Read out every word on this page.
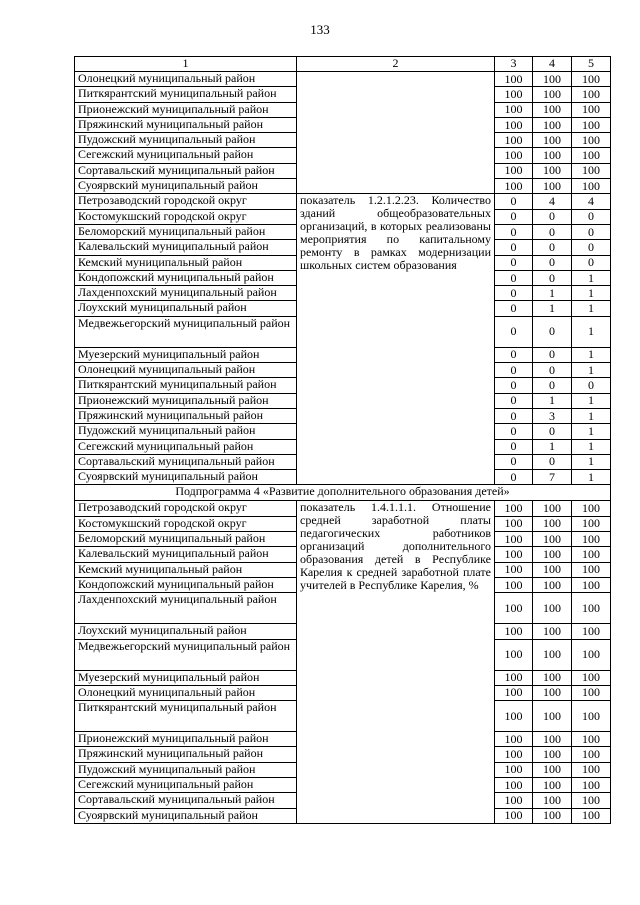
133
1	2	3	4	5
Олонецкий муниципальный район		100	100	100
Питкярантский муниципальный район		100	100	100
Прионежский муниципальный район		100	100	100
Пряжинский муниципальный район		100	100	100
Пудожский муниципальный район		100	100	100
Сегежский муниципальный район		100	100	100
Сортавальский муниципальный район		100	100	100
Суоярвский муниципальный район		100	100	100
Петрозаводский городской округ	показатель 1.2.1.2.23. Количество зданий общеобразовательных организаций, в которых реализованы мероприятия по капитальному ремонту в рамках модернизации школьных систем образования	0	4	4
Костомукшский городской округ		0	0	0
Беломорский муниципальный район		0	0	0
Калевальский муниципальный район		0	0	0
Кемский муниципальный район		0	0	0
Кондопожский муниципальный район		0	0	1
Лахденпохский муниципальный район		0	1	1
Лоухский муниципальный район		0	1	1
Медвежьегорский муниципальный район		0	0	1
Муезерский муниципальный район		0	0	1
Олонецкий муниципальный район		0	0	1
Питкярантский муниципальный район		0	0	0
Прионежский муниципальный район		0	1	1
Пряжинский муниципальный район		0	3	1
Пудожский муниципальный район		0	0	1
Сегежский муниципальный район		0	1	1
Сортавальский муниципальный район		0	0	1
Суоярвский муниципальный район		0	7	1
Подпрограмма 4 «Развитие дополнительного образования детей»				
Петрозаводский городской округ	показатель 1.4.1.1.1. Отношение средней заработной платы педагогических работников организаций дополнительного образования детей в Республике Карелия к средней заработной плате учителей в Республике Карелия, %	100	100	100
Костомукшский городской округ		100	100	100
Беломорский муниципальный район		100	100	100
Калевальский муниципальный район		100	100	100
Кемский муниципальный район		100	100	100
Кондопожский муниципальный район		100	100	100
Лахденпохский муниципальный район		100	100	100
Лоухский муниципальный район		100	100	100
Медвежьегорский муниципальный район		100	100	100
Муезерский муниципальный район		100	100	100
Олонецкий муниципальный район		100	100	100
Питкярантский муниципальный район		100	100	100
Прионежский муниципальный район		100	100	100
Пряжинский муниципальный район		100	100	100
Пудожский муниципальный район		100	100	100
Сегежский муниципальный район		100	100	100
Сортавальский муниципальный район		100	100	100
Суоярвский муниципальный район		100	100	100
